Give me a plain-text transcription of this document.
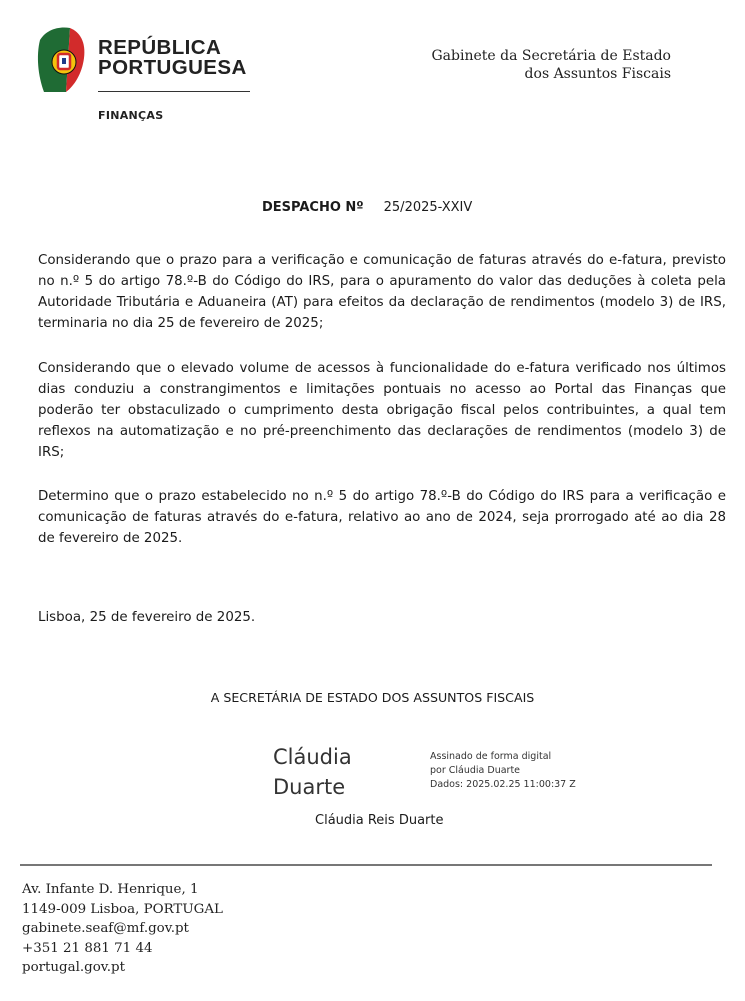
REPÚBLICA
PORTUGUESA
FINANÇAS
Gabinete da Secretária de Estado
dos Assuntos Fiscais
DESPACHO Nº 25/2025-XXIV
Considerando que o prazo para a verificação e comunicação de faturas através do e-fatura, previsto no n.º 5 do artigo 78.º-B do Código do IRS, para o apuramento do valor das deduções à coleta pela Autoridade Tributária e Aduaneira (AT) para efeitos da declaração de rendimentos (modelo 3) de IRS, terminaria no dia 25 de fevereiro de 2025;
Considerando que o elevado volume de acessos à funcionalidade do e-fatura verificado nos últimos dias conduziu a constrangimentos e limitações pontuais no acesso ao Portal das Finanças que poderão ter obstaculizado o cumprimento desta obrigação fiscal pelos contribuintes, a qual tem reflexos na automatização e no pré-preenchimento das declarações de rendimentos (modelo 3) de IRS;
Determino que o prazo estabelecido no n.º 5 do artigo 78.º-B do Código do IRS para a verificação e comunicação de faturas através do e-fatura, relativo ao ano de 2024, seja prorrogado até ao dia 28 de fevereiro de 2025.
Lisboa, 25 de fevereiro de 2025.
A SECRETÁRIA DE ESTADO DOS ASSUNTOS FISCAIS
Cláudia
Duarte
Assinado de forma digital
por Cláudia Duarte
Dados: 2025.02.25 11:00:37 Z
Cláudia Reis Duarte
Av. Infante D. Henrique, 1
1149-009 Lisboa, PORTUGAL
gabinete.seaf@mf.gov.pt
+351 21 881 71 44
portugal.gov.pt
